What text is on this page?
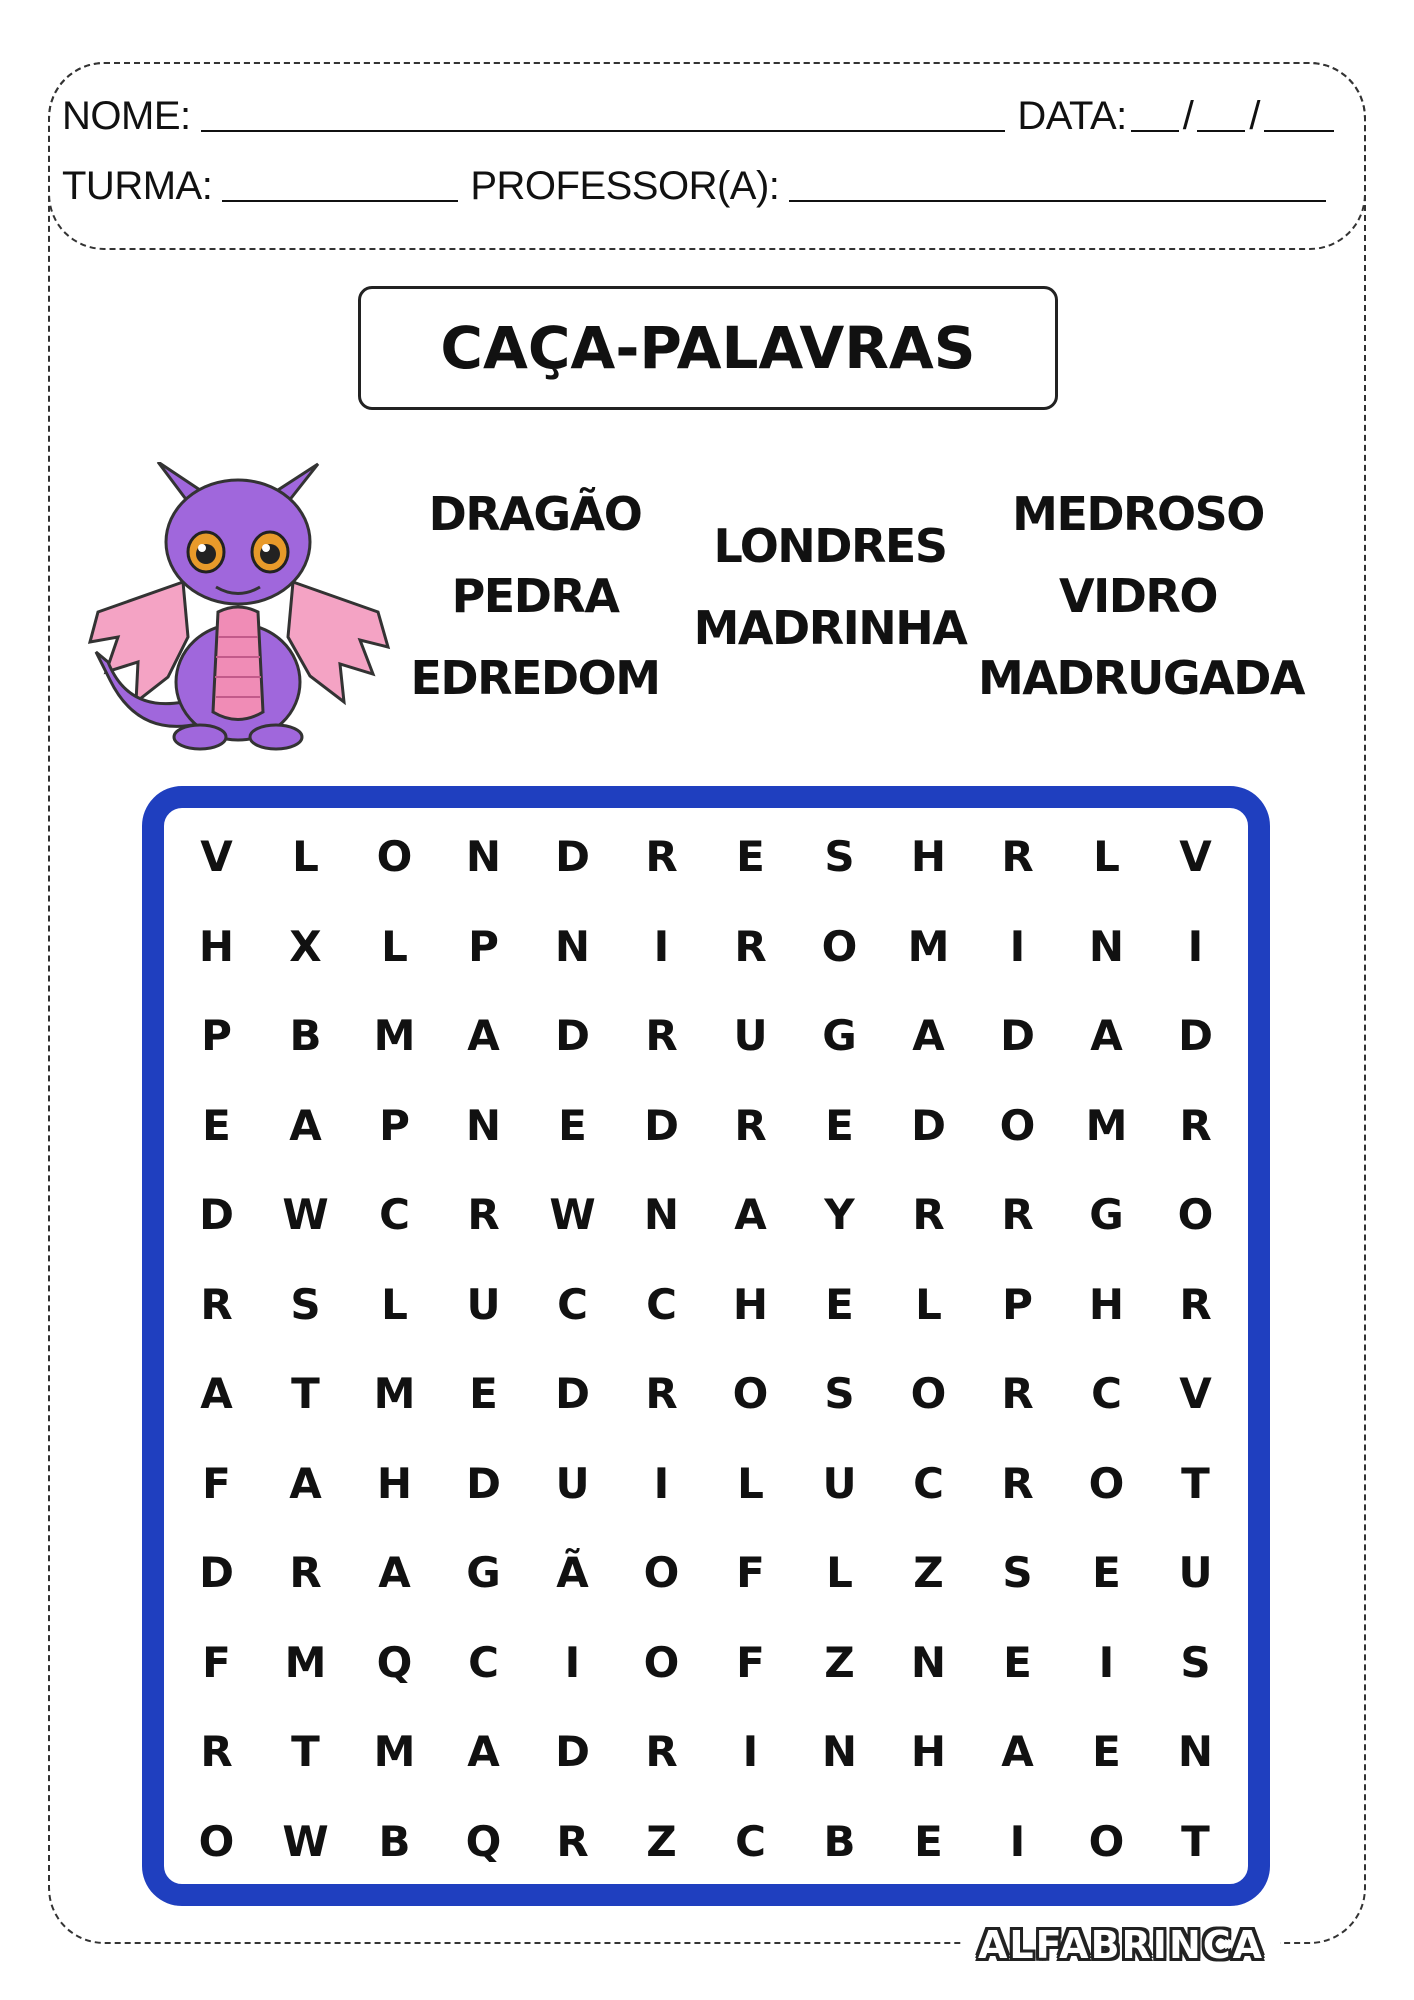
NOME:	DATA: / /
TURMA:	PROFESSOR(A):
CAÇA-PALAVRAS
DRAGÃO
PEDRA
EDREDOM
LONDRES
MADRINHA
MEDROSO
VIDRO
MADRUGADA
V	L	O	N	D	R	E	S	H	R	L	V
H	X	L	P	N	I	R	O	M	I	N	I
P	B	M	A	D	R	U	G	A	D	A	D
E	A	P	N	E	D	R	E	D	O	M	R
D	W	C	R	W	N	A	Y	R	R	G	O
R	S	L	U	C	C	H	E	L	P	H	R
A	T	M	E	D	R	O	S	O	R	C	V
F	A	H	D	U	I	L	U	C	R	O	T
D	R	A	G	Ã	O	F	L	Z	S	E	U
F	M	Q	C	I	O	F	Z	N	E	I	S
R	T	M	A	D	R	I	N	H	A	E	N
O	W	B	Q	R	Z	C	B	E	I	O	T
ALFABRINCA
